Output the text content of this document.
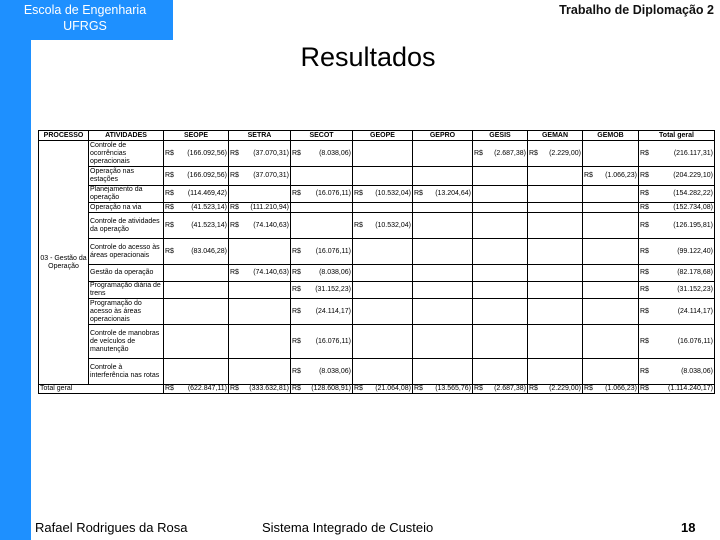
Escola de Engenharia
UFRGS
Trabalho de Diplomação 2
Resultados
PROCESSO	ATIVIDADES	SEOPE	SETRA	SECOT	GEOPE	GEPRO	GESIS	GEMAN	GEMOB	Total geral
03 - Gestão da Operação	Controle de ocorrências operacionais	R$ (166.092,56)	R$ (37.070,31)	R$ (8.038,06)			R$ (2.687,38)	R$ (2.229,00)		R$ (216.117,31)

	Operação nas estações	R$ (166.092,56)	R$ (37.070,31)						R$ (1.066,23)	R$ (204.229,10)

	Planejamento da operação	R$ (114.469,42)		R$ (16.076,11)	R$ (10.532,04)	R$ (13.204,64)				R$ (154.282,22)

	Operação na via	R$ (41.523,14)	R$ (111.210,94)							R$ (152.734,08)

	Controle de atividades da operação	R$ (41.523,14)	R$ (74.140,63)		R$ (10.532,04)					R$ (126.195,81)

	Controle do acesso às áreas operacionais	R$ (83.046,28)		R$ (16.076,11)						R$ (99.122,40)

	Gestão da operação		R$ (74.140,63)	R$ (8.038,06)						R$ (82.178,68)

	Programação diária de trens			R$ (31.152,23)						R$ (31.152,23)

	Programação do acesso às áreas operacionais			R$ (24.114,17)						R$ (24.114,17)

	Controle de manobras de veículos de manutenção			R$ (16.076,11)						R$ (16.076,11)

	Controle à interferência nas rotas			R$ (8.038,06)						R$ (8.038,06)

Total geral		R$ (622.847,11)	R$ (333.632,81)	R$ (128.608,91)	R$ (21.064,08)	R$ (13.565,76)	R$ (2.687,38)	R$ (2.229,00)	R$ (1.066,23)	R$ (1.114.240,17)
Rafael Rodrigues da Rosa	Sistema Integrado de Custeio	18
